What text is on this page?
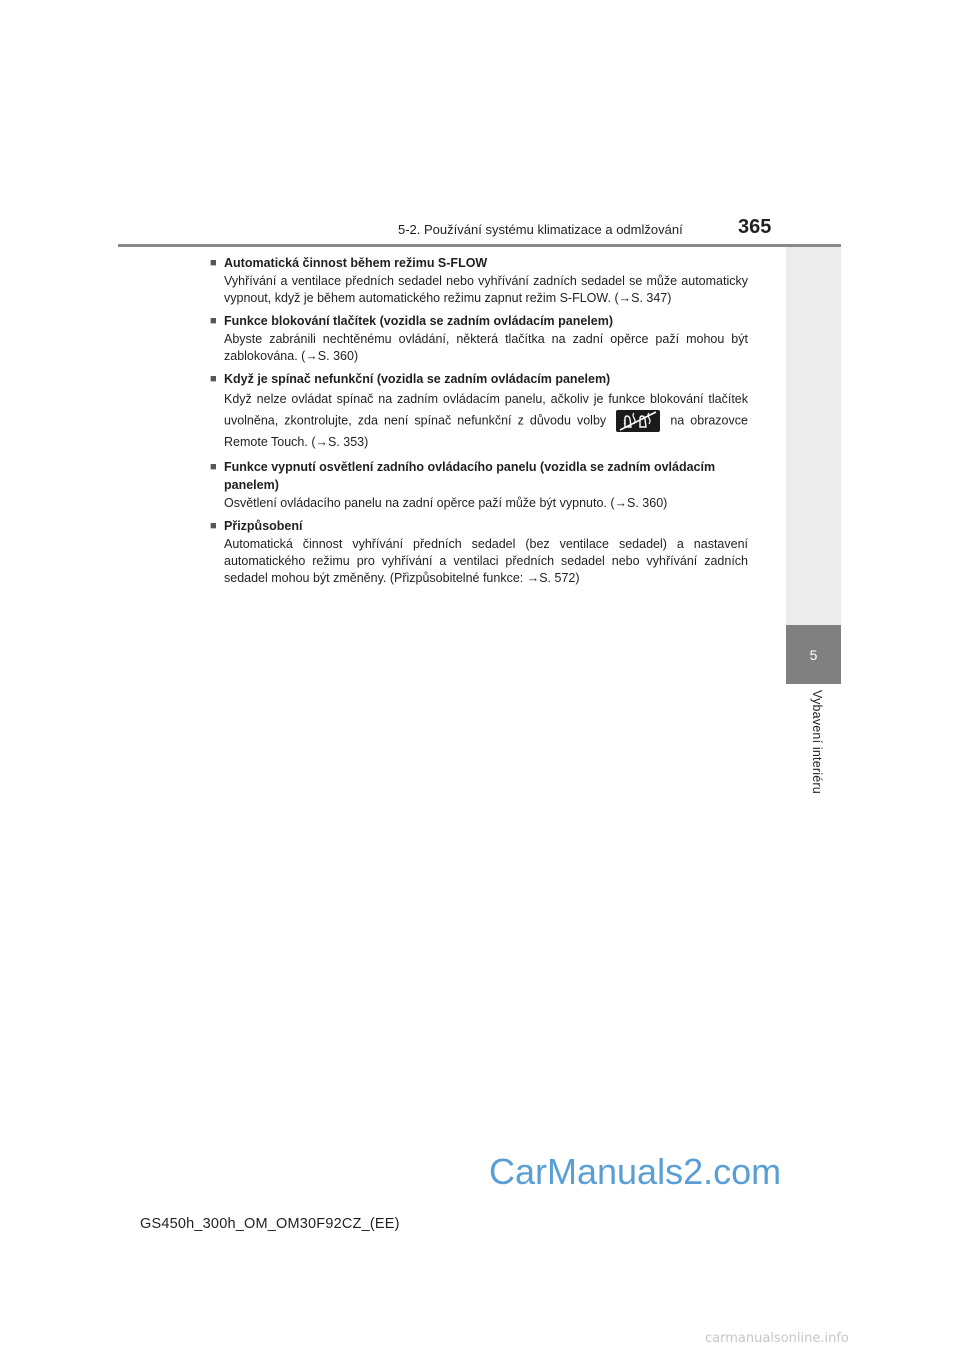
5-2. Používání systému klimatizace a odmlžování	365
5
Vybavení interiéru
■ Automatická činnost během režimu S-FLOW
Vyhřívání a ventilace předních sedadel nebo vyhřívání zadních sedadel se může automaticky vypnout, když je během automatického režimu zapnut režim S-FLOW. (→S. 347)
■ Funkce blokování tlačítek (vozidla se zadním ovládacím panelem)
Abyste zabránili nechtěnému ovládání, některá tlačítka na zadní opěrce paží mohou být zablokována. (→S. 360)
■ Když je spínač nefunkční (vozidla se zadním ovládacím panelem)
Když nelze ovládat spínač na zadním ovládacím panelu, ačkoliv je funkce blokování tlačítek uvolněna, zkontrolujte, zda není spínač nefunkční z důvodu volby	na obrazovce Remote Touch. (→S. 353)
■ Funkce vypnutí osvětlení zadního ovládacího panelu (vozidla se zadním ovládacím panelem)
Osvětlení ovládacího panelu na zadní opěrce paží může být vypnuto. (→S. 360)
■ Přizpůsobení
Automatická činnost vyhřívání předních sedadel (bez ventilace sedadel) a nastavení automatického režimu pro vyhřívání a ventilaci předních sedadel nebo vyhřívání zadních sedadel mohou být změněny. (Přizpůsobitelné funkce: →S. 572)
CarManuals2.com
GS450h_300h_OM_OM30F92CZ_(EE)
carmanualsonline.info
